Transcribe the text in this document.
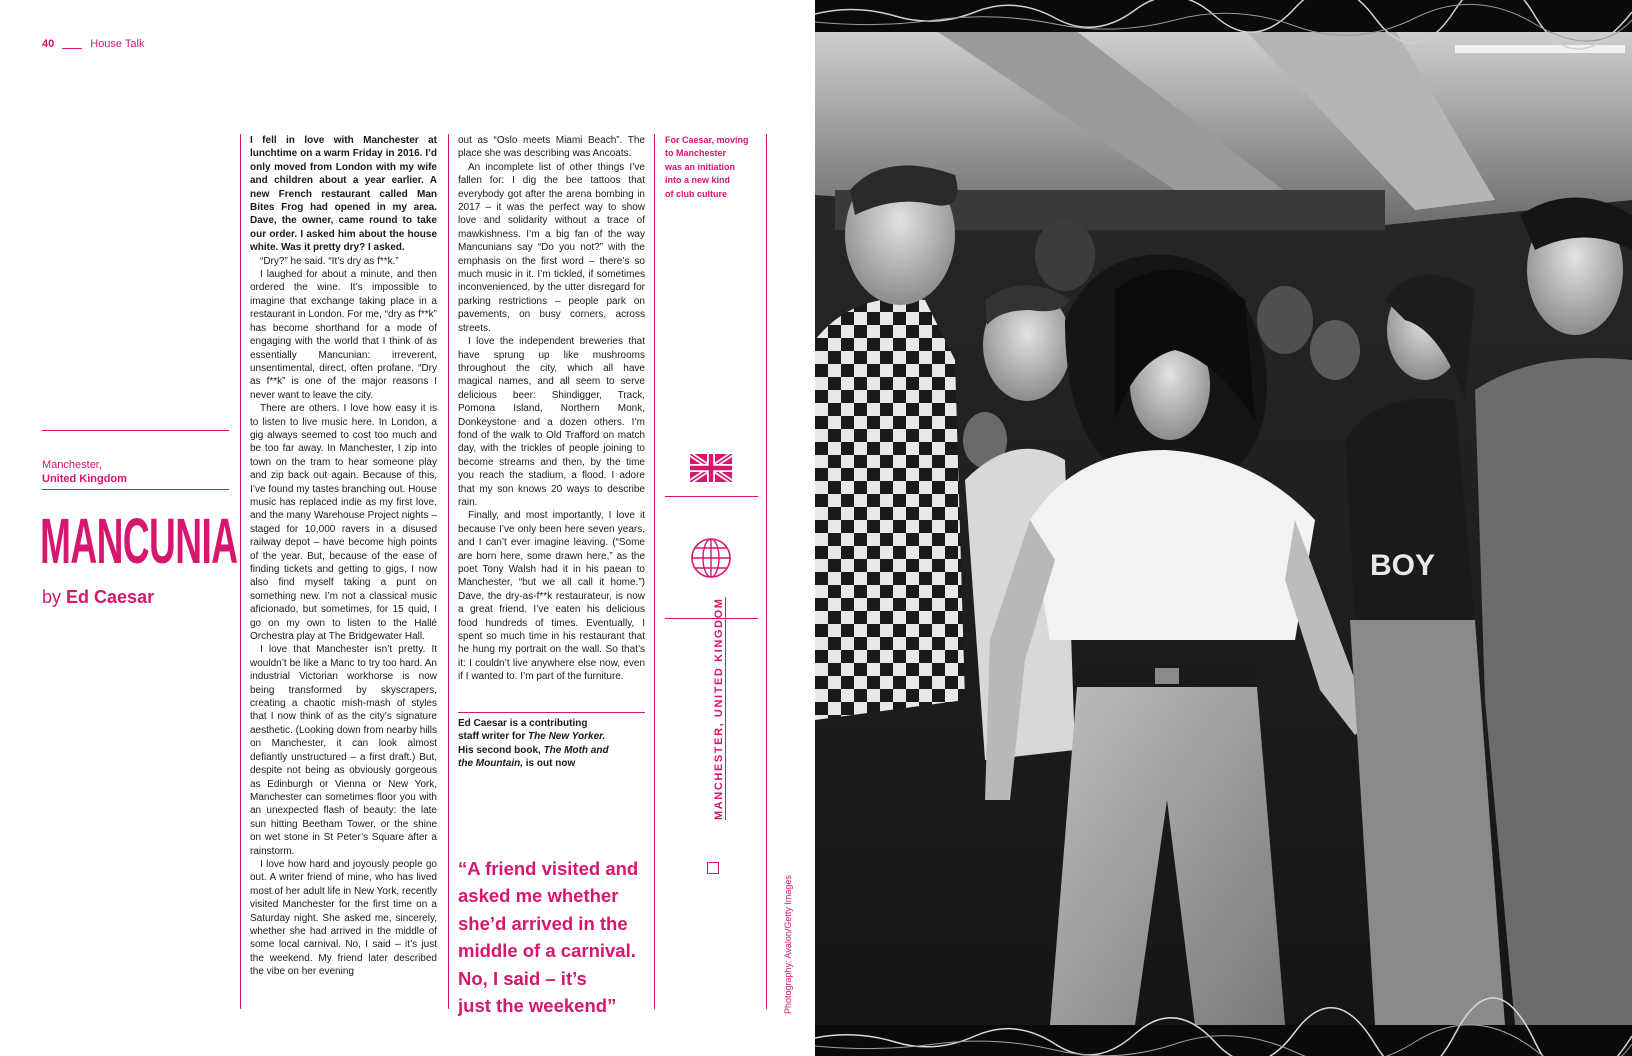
40	House Talk
Manchester,
United Kingdom
MANCUNIA
by Ed Caesar

I fell in love with Manchester at lunchtime on a warm Friday in 2016. I’d only moved from London with my wife and children about a year earlier. A new French restaurant called Man Bites Frog had opened in my area. Dave, the owner, came round to take our order. I asked him about the house white. Was it pretty dry? I asked.

“Dry?” he said. “It’s dry as f**k.”

I laughed for about a minute, and then ordered the wine. It’s impossible to imagine that exchange taking place in a restaurant in London. For me, “dry as f**k” has become shorthand for a mode of engaging with the world that I think of as essentially Mancunian: irreverent, unsentimental, direct, often profane. “Dry as f**k” is one of the major reasons I never want to leave the city.

There are others. I love how easy it is to listen to live music here. In London, a gig always seemed to cost too much and be too far away. In Manchester, I zip into town on the tram to hear someone play and zip back out again. Because of this, I’ve found my tastes branching out. House music has replaced indie as my first love, and the many Warehouse Project nights – staged for 10,000 ravers in a disused railway depot – have become high points of the year. But, because of the ease of finding tickets and getting to gigs, I now also find myself taking a punt on something new. I’m not a classical music aficionado, but sometimes, for 15 quid, I go on my own to listen to the Hallé Orchestra play at The Bridgewater Hall.

I love that Manchester isn’t pretty. It wouldn’t be like a Manc to try too hard. An industrial Victorian workhorse is now being transformed by skyscrapers, creating a chaotic mish-mash of styles that I now think of as the city’s signature aesthetic. (Looking down from nearby hills on Manchester, it can look almost defiantly unstructured – a first draft.) But, despite not being as obviously gorgeous as Edinburgh or Vienna or New York, Manchester can sometimes floor you with an unexpected flash of beauty: the late sun hitting Beetham Tower, or the shine on wet stone in St Peter’s Square after a rainstorm.

I love how hard and joyously people go out. A writer friend of mine, who has lived most of her adult life in New York, recently visited Manchester for the first time on a Saturday night. She asked me, sincerely, whether she had arrived in the middle of some local carnival. No, I said – it’s just the weekend. My friend later described the vibe on her evening

out as “Oslo meets Miami Beach”. The place she was describing was Ancoats.

An incomplete list of other things I’ve fallen for: I dig the bee tattoos that everybody got after the arena bombing in 2017 – it was the perfect way to show love and solidarity without a trace of mawkishness. I’m a big fan of the way Mancunians say “Do you not?” with the emphasis on the first word – there’s so much music in it. I’m tickled, if sometimes inconvenienced, by the utter disregard for parking restrictions – people park on pavements, on busy corners, across streets.

I love the independent breweries that have sprung up like mushrooms throughout the city, which all have magical names, and all seem to serve delicious beer: Shindigger, Track, Pomona Island, Northern Monk, Donkeystone and a dozen others. I’m fond of the walk to Old Trafford on match day, with the trickles of people joining to become streams and then, by the time you reach the stadium, a flood. I adore that my son knows 20 ways to describe rain.

Finally, and most importantly, I love it because I’ve only been here seven years, and I can’t ever imagine leaving. (“Some are born here, some drawn here,” as the poet Tony Walsh had it in his paean to Manchester, “but we all call it home.”) Dave, the dry-as-f**k restaurateur, is now a great friend. I’ve eaten his delicious food hundreds of times. Eventually, I spent so much time in his restaurant that he hung my portrait on the wall. So that’s it: I couldn’t live anywhere else now, even if I wanted to. I’m part of the furniture.

Ed Caesar is a contributing
staff writer for The New Yorker.
His second book, The Moth and
the Mountain, is out now
“A friend visited and
asked me whether
she’d arrived in the
middle of a carnival.
No, I said – it’s
just the weekend”
For Caesar, moving
to Manchester
was an initiation
into a new kind
of club culture
MANCHESTER, UNITED KINGDOM
Photography: Avalon/Getty Images
BOY
